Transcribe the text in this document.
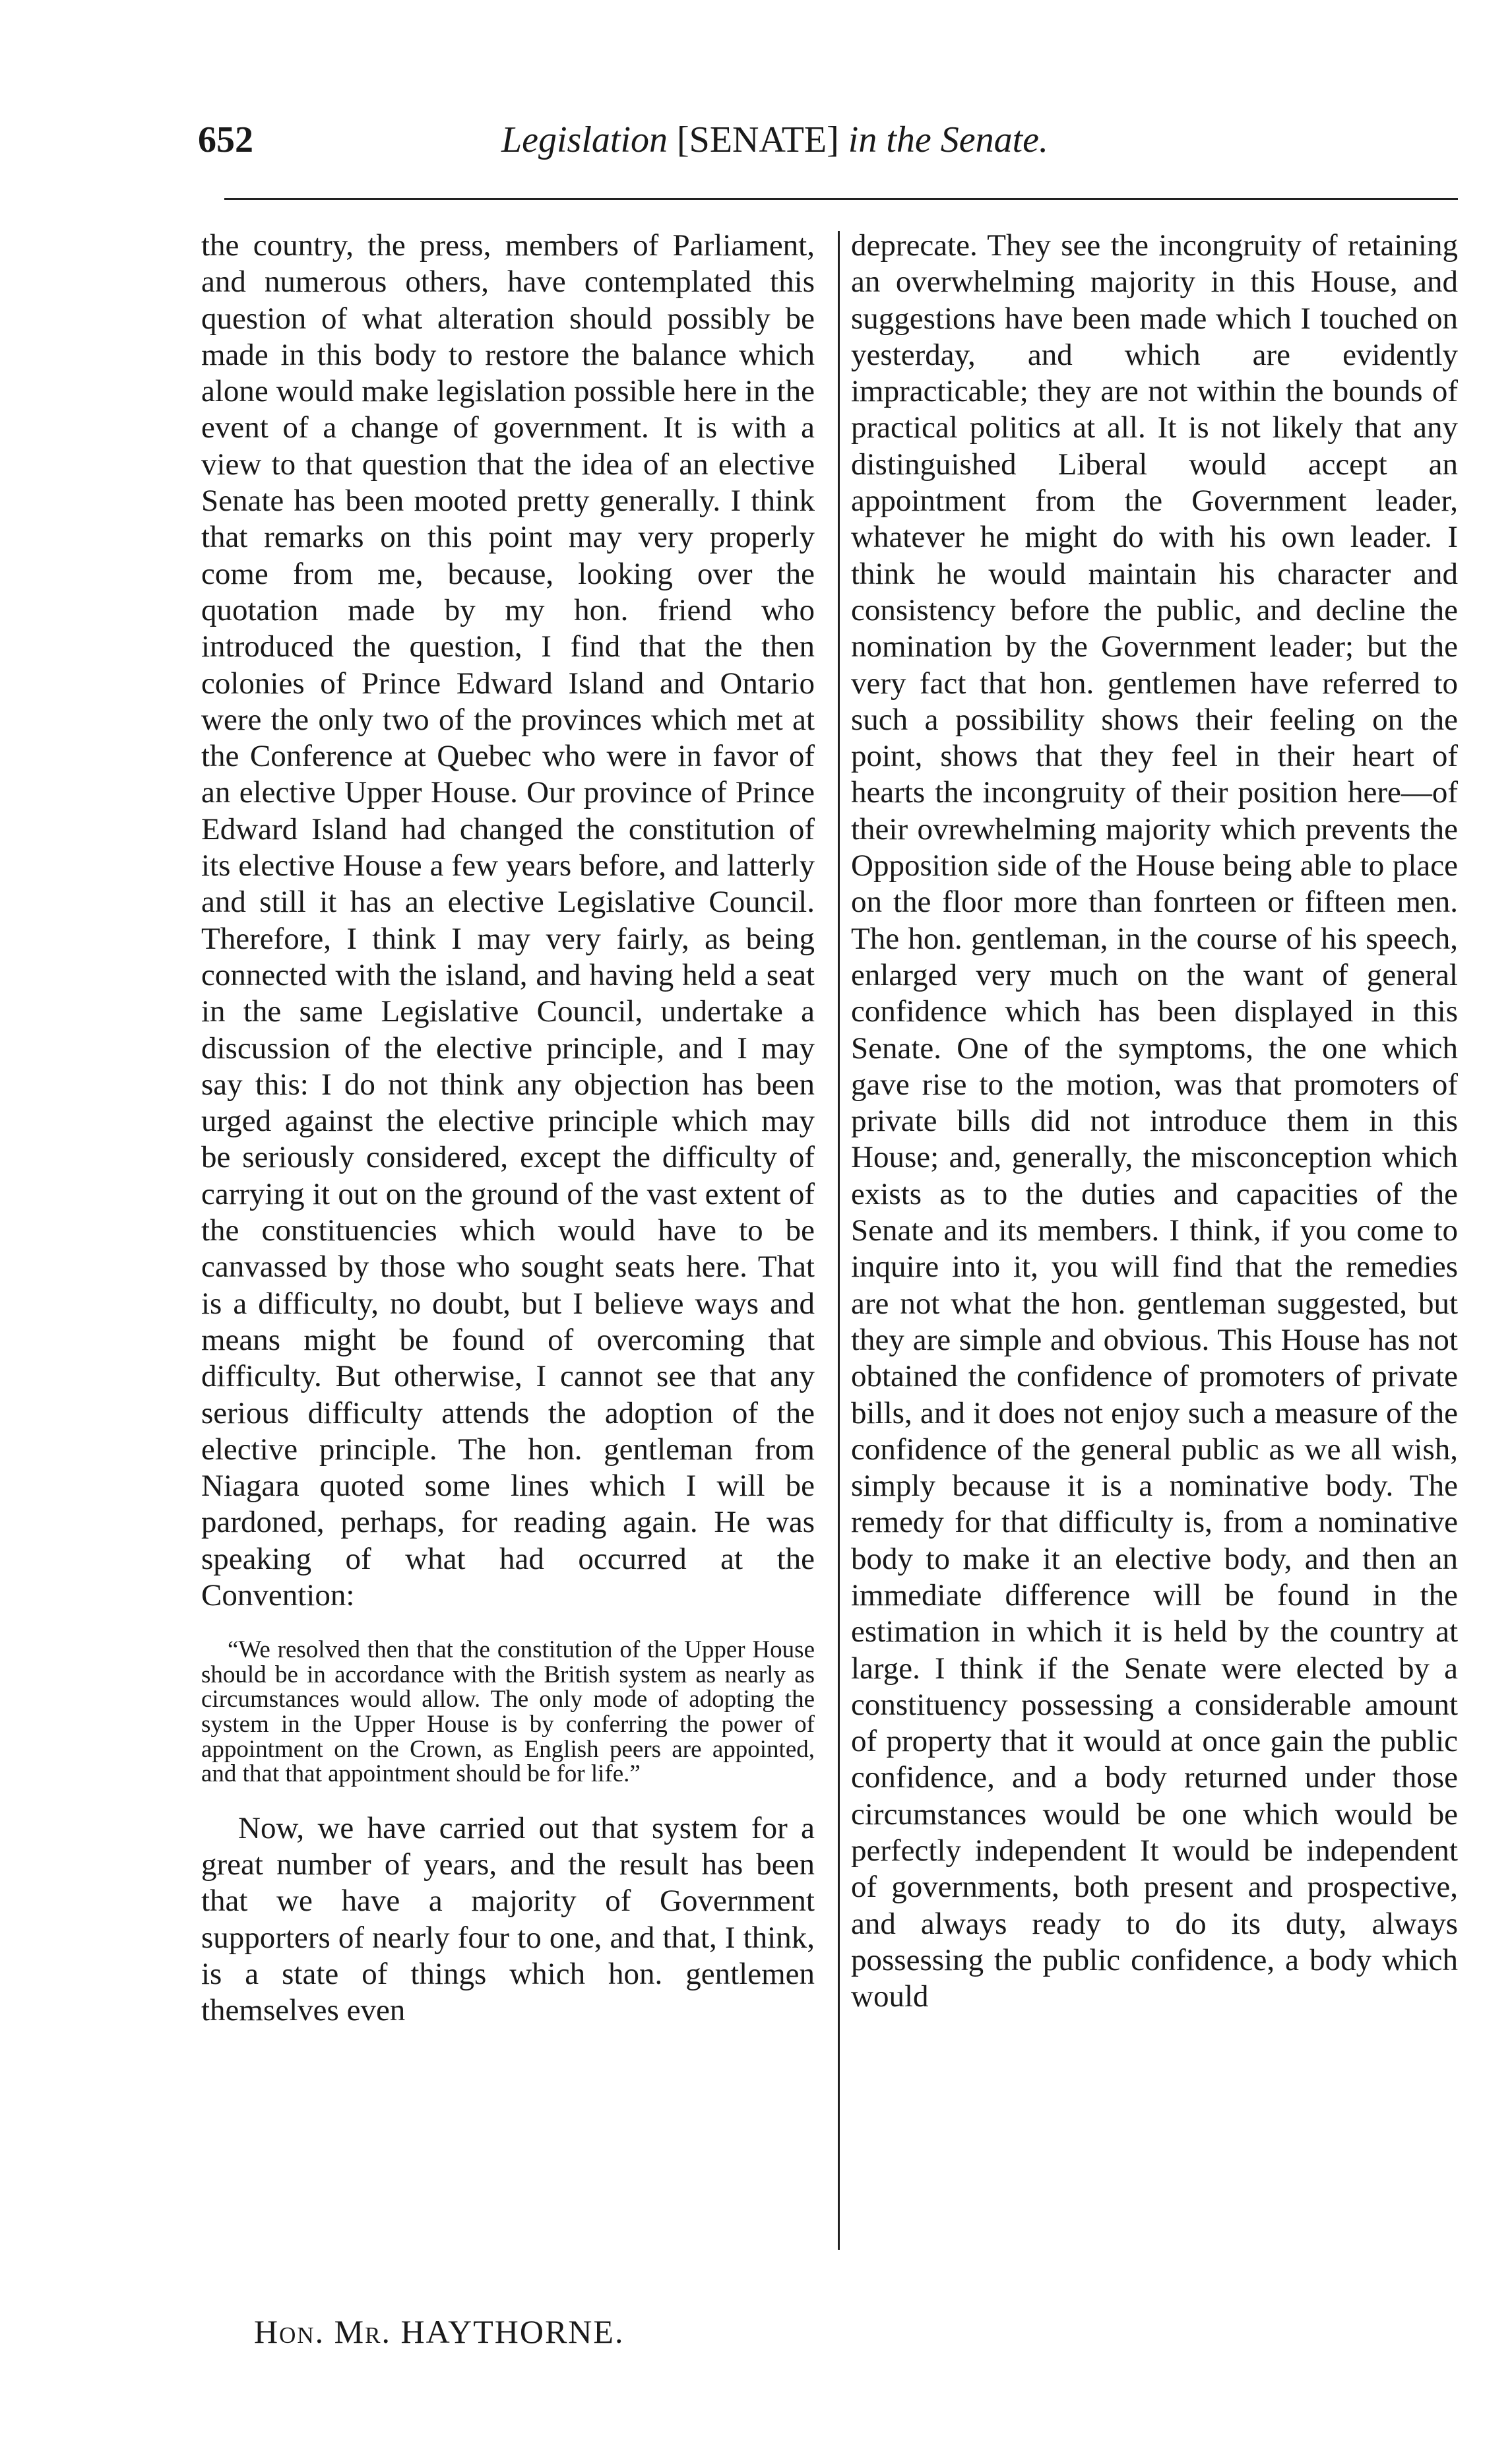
652	Legislation [SENATE] in the Senate.

the country, the press, members of Parliament, and numerous others, have contemplated this question of what alteration should possibly be made in this body to restore the balance which alone would make legislation possible here in the event of a change of government. It is with a view to that question that the idea of an elective Senate has been mooted pretty generally. I think that remarks on this point may very properly come from me, because, looking over the quotation made by my hon. friend who introduced the question, I find that the then colonies of Prince Edward Island and Ontario were the only two of the provinces which met at the Conference at Quebec who were in favor of an elective Upper House. Our province of Prince Edward Island had changed the constitution of its elective House a few years before, and latterly and still it has an elective Legislative Council. Therefore, I think I may very fairly, as being connected with the island, and having held a seat in the same Legislative Council, undertake a discussion of the elective principle, and I may say this: I do not think any objection has been urged against the elective principle which may be seriously considered, except the difficulty of carrying it out on the ground of the vast extent of the constituencies which would have to be canvassed by those who sought seats here. That is a difficulty, no doubt, but I believe ways and means might be found of overcoming that difficulty. But otherwise, I cannot see that any serious difficulty attends the adoption of the elective principle. The hon. gentleman from Niagara quoted some lines which I will be pardoned, perhaps, for reading again. He was speaking of what had occurred at the Convention:

“We resolved then that the constitution of the Upper House should be in accordance with the British system as nearly as circumstances would allow. The only mode of adopting the system in the Upper House is by conferring the power of appointment on the Crown, as English peers are appointed, and that that appointment should be for life.”

Now, we have carried out that system for a great number of years, and the result has been that we have a majority of Government supporters of nearly four to one, and that, I think, is a state of things which hon. gentlemen themselves even

deprecate. They see the incongruity of retaining an overwhelming majority in this House, and suggestions have been made which I touched on yesterday, and which are evidently impracticable; they are not within the bounds of practical politics at all. It is not likely that any distinguished Liberal would accept an appointment from the Government leader, whatever he might do with his own leader. I think he would maintain his character and consistency before the public, and decline the nomination by the Government leader; but the very fact that hon. gentlemen have referred to such a possibility shows their feeling on the point, shows that they feel in their heart of hearts the incongruity of their position here—of their ovrewhelming majority which prevents the Opposition side of the House being able to place on the floor more than fonrteen or fifteen men. The hon. gentleman, in the course of his speech, enlarged very much on the want of general confidence which has been displayed in this Senate. One of the symptoms, the one which gave rise to the motion, was that promoters of private bills did not introduce them in this House; and, generally, the misconception which exists as to the duties and capacities of the Senate and its members. I think, if you come to inquire into it, you will find that the remedies are not what the hon. gentleman suggested, but they are simple and obvious. This House has not obtained the confidence of promoters of private bills, and it does not enjoy such a measure of the confidence of the general public as we all wish, simply because it is a nominative body. The remedy for that difficulty is, from a nominative body to make it an elective body, and then an immediate difference will be found in the estimation in which it is held by the country at large. I think if the Senate were elected by a constituency possessing a considerable amount of property that it would at once gain the public confidence, and a body returned under those circumstances would be one which would be perfectly independent It would be independent of governments, both present and prospective, and always ready to do its duty, always possessing the public confidence, a body which would

Hon. Mr. HAYTHORNE.
